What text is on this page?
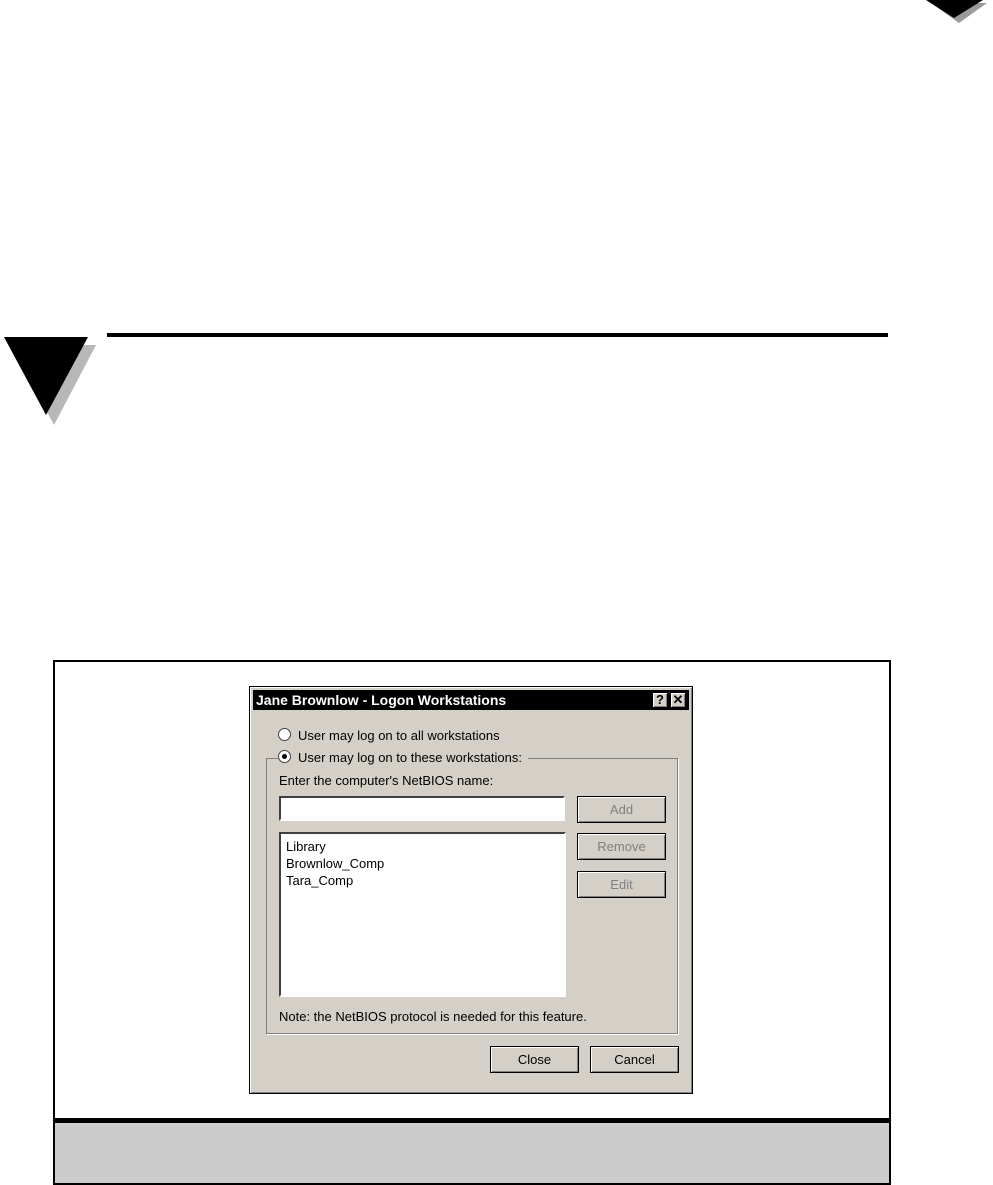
Jane Brownlow - Logon Workstations	? ✕
User may log on to all workstations
User may log on to these workstations:
Enter the computer's NetBIOS name:
Add
Remove
Edit
Library
Brownlow_Comp
Tara_Comp
Note: the NetBIOS protocol is needed for this feature.
Close	Cancel
